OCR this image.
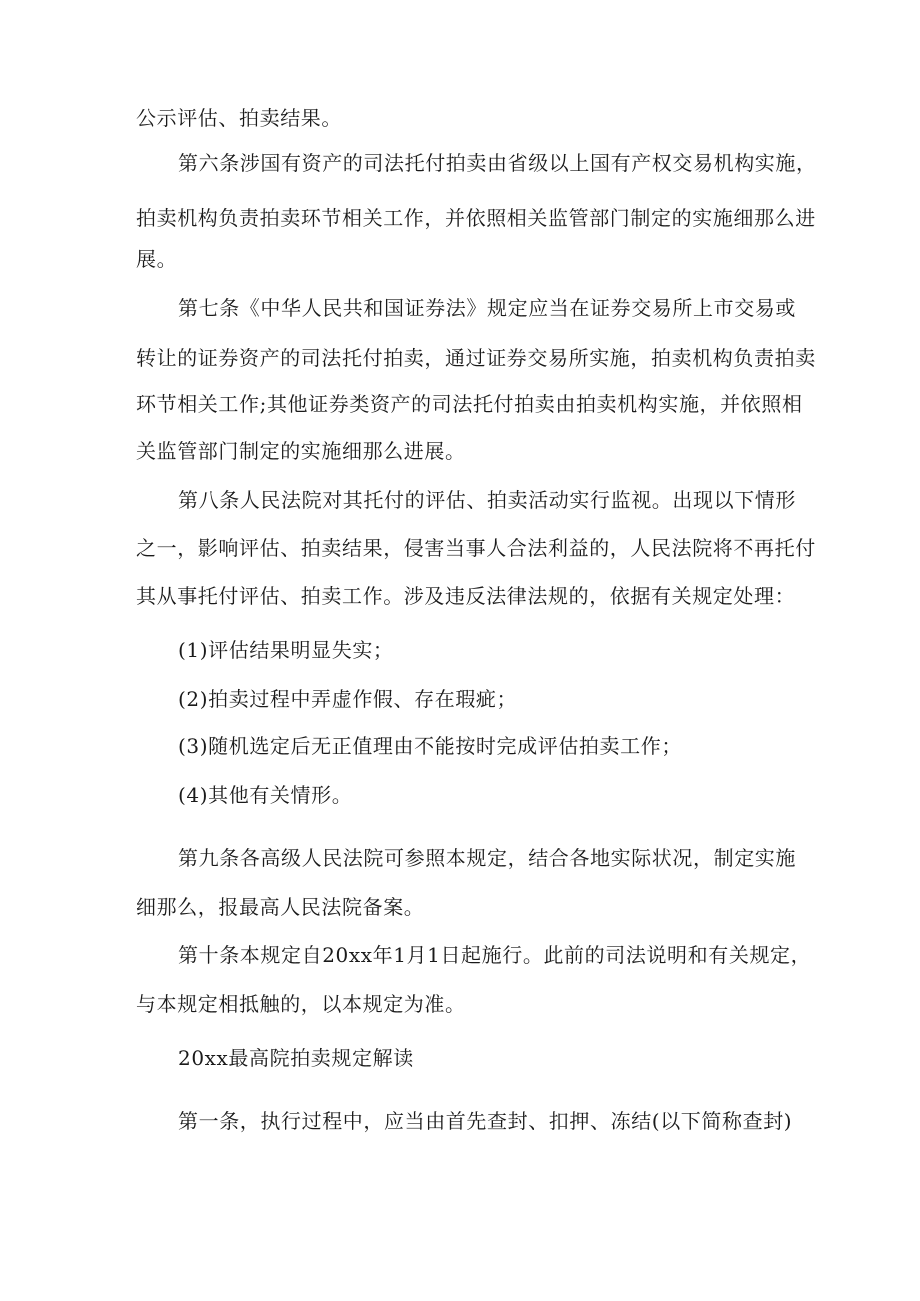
公示评估、拍卖结果。
第六条涉国有资产的司法托付拍卖由省级以上国有产权交易机构实施，
拍卖机构负责拍卖环节相关工作，并依照相关监管部门制定的实施细那么进
展。
第七条《中华人民共和国证券法》规定应当在证券交易所上市交易或
转让的证券资产的司法托付拍卖，通过证券交易所实施，拍卖机构负责拍卖
环节相关工作;其他证券类资产的司法托付拍卖由拍卖机构实施，并依照相
关监管部门制定的实施细那么进展。
第八条人民法院对其托付的评估、拍卖活动实行监视。出现以下情形
之一，影响评估、拍卖结果，侵害当事人合法利益的，人民法院将不再托付
其从事托付评估、拍卖工作。涉及违反法律法规的，依据有关规定处理：
(1)评估结果明显失实；
(2)拍卖过程中弄虚作假、存在瑕疵；
(3)随机选定后无正值理由不能按时完成评估拍卖工作；
(4)其他有关情形。
第九条各高级人民法院可参照本规定，结合各地实际状况，制定实施
细那么，报最高人民法院备案。
第十条本规定自20xx年1月1日起施行。此前的司法说明和有关规定，
与本规定相抵触的，以本规定为准。
20xx最高院拍卖规定解读
第一条，执行过程中，应当由首先查封、扣押、冻结(以下简称查封)
